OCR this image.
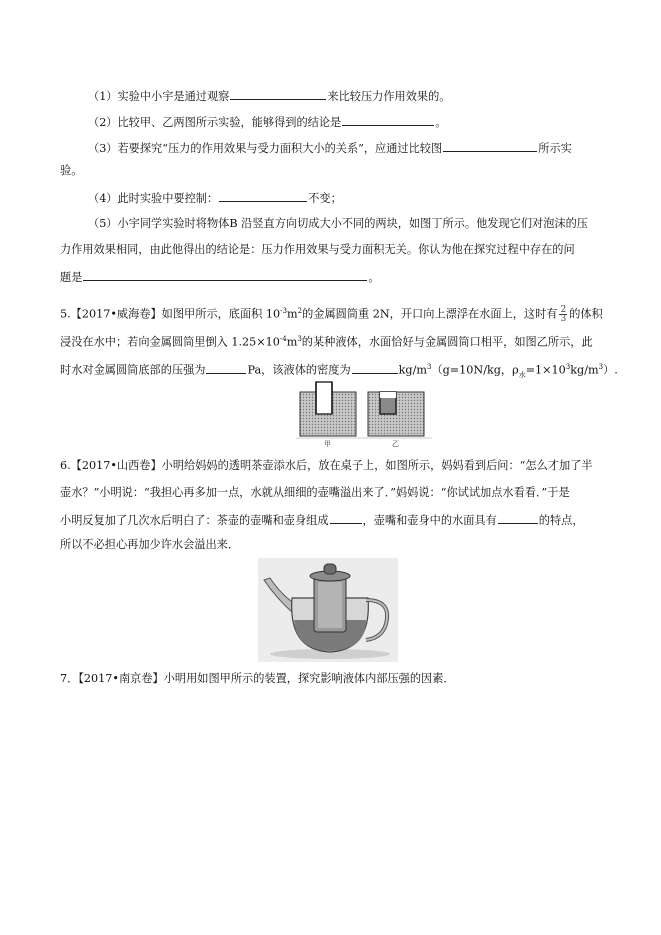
（1）实验中小宇是通过观察	来比较压力作用效果的。
（2）比较甲、乙两图所示实验，能够得到的结论是	。
（3）若要探究“压力的作用效果与受力面积大小的关系”，应通过比较图	所示实
验。
（4）此时实验中要控制：	不变；
（5）小宇同学实验时将物体B 沿竖直方向切成大小不同的两块，如图丁所示。他发现它们对泡沫的压
力作用效果相同，由此他得出的结论是：压力作用效果与受力面积无关。你认为他在探究过程中存在的问
题是	。
5.【2017•威海卷】如图甲所示，底面积 $10^{-3}m^2$的金属圆筒重 2N，开口向上漂浮在水面上，这时有 $\frac{2}{3}$ 的体积
浸没在水中；若向金属圆筒里倒入 $1.25\times 10^{-4}m^3$的某种液体，水面恰好与金属圆筒口相平，如图乙所示，此
时水对金属圆筒底部的压强为	Pa，该液体的密度为	$kg/m^3(g=10N/kg$，$\rho_水=1\times 10^3kg/m^3$）.
甲	乙
6.【2017•山西卷】小明给妈妈的透明茶壶添水后，放在桌子上，如图所示，妈妈看到后问：“怎么才加了半
壶水？”小明说：“我担心再多加一点，水就从细细的壶嘴溢出来了．”妈妈说：“你试试加点水看看．”于是
小明反复加了几次水后明白了：茶壶的壶嘴和壶身组成	，壶嘴和壶身中的水面具有	的特点，
所以不必担心再加少许水会溢出来．
7．【2017•南京卷】小明用如图甲所示的装置，探究影响液体内部压强的因素．
